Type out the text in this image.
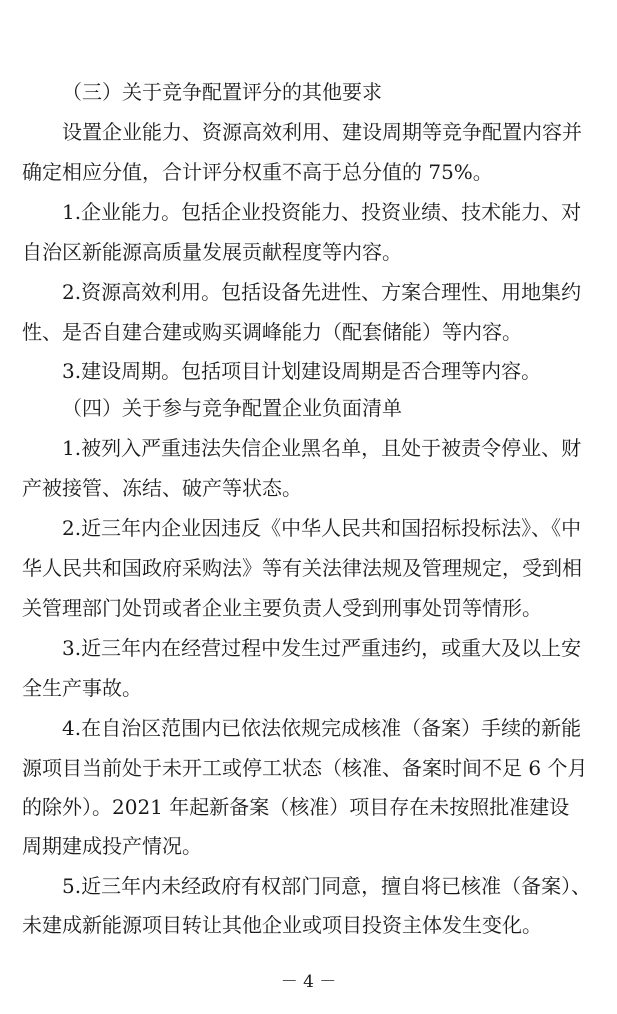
（三）关于竞争配置评分的其他要求
设置企业能力、资源高效利用、建设周期等竞争配置内容并
确定相应分值，合计评分权重不高于总分值的 75%。
1.企业能力。包括企业投资能力、投资业绩、技术能力、对
自治区新能源高质量发展贡献程度等内容。
2.资源高效利用。包括设备先进性、方案合理性、用地集约
性、是否自建合建或购买调峰能力（配套储能）等内容。
3.建设周期。包括项目计划建设周期是否合理等内容。
（四）关于参与竞争配置企业负面清单
1.被列入严重违法失信企业黑名单，且处于被责令停业、财
产被接管、冻结、破产等状态。
2.近三年内企业因违反《中华人民共和国招标投标法》、《中
华人民共和国政府采购法》等有关法律法规及管理规定，受到相
关管理部门处罚或者企业主要负责人受到刑事处罚等情形。
3.近三年内在经营过程中发生过严重违约，或重大及以上安
全生产事故。
4.在自治区范围内已依法依规完成核准（备案）手续的新能
源项目当前处于未开工或停工状态（核准、备案时间不足 6 个月
的除外）。2021 年起新备案（核准）项目存在未按照批准建设
周期建成投产情况。
5.近三年内未经政府有权部门同意，擅自将已核准（备案）、
未建成新能源项目转让其他企业或项目投资主体发生变化。
－ 4 －
